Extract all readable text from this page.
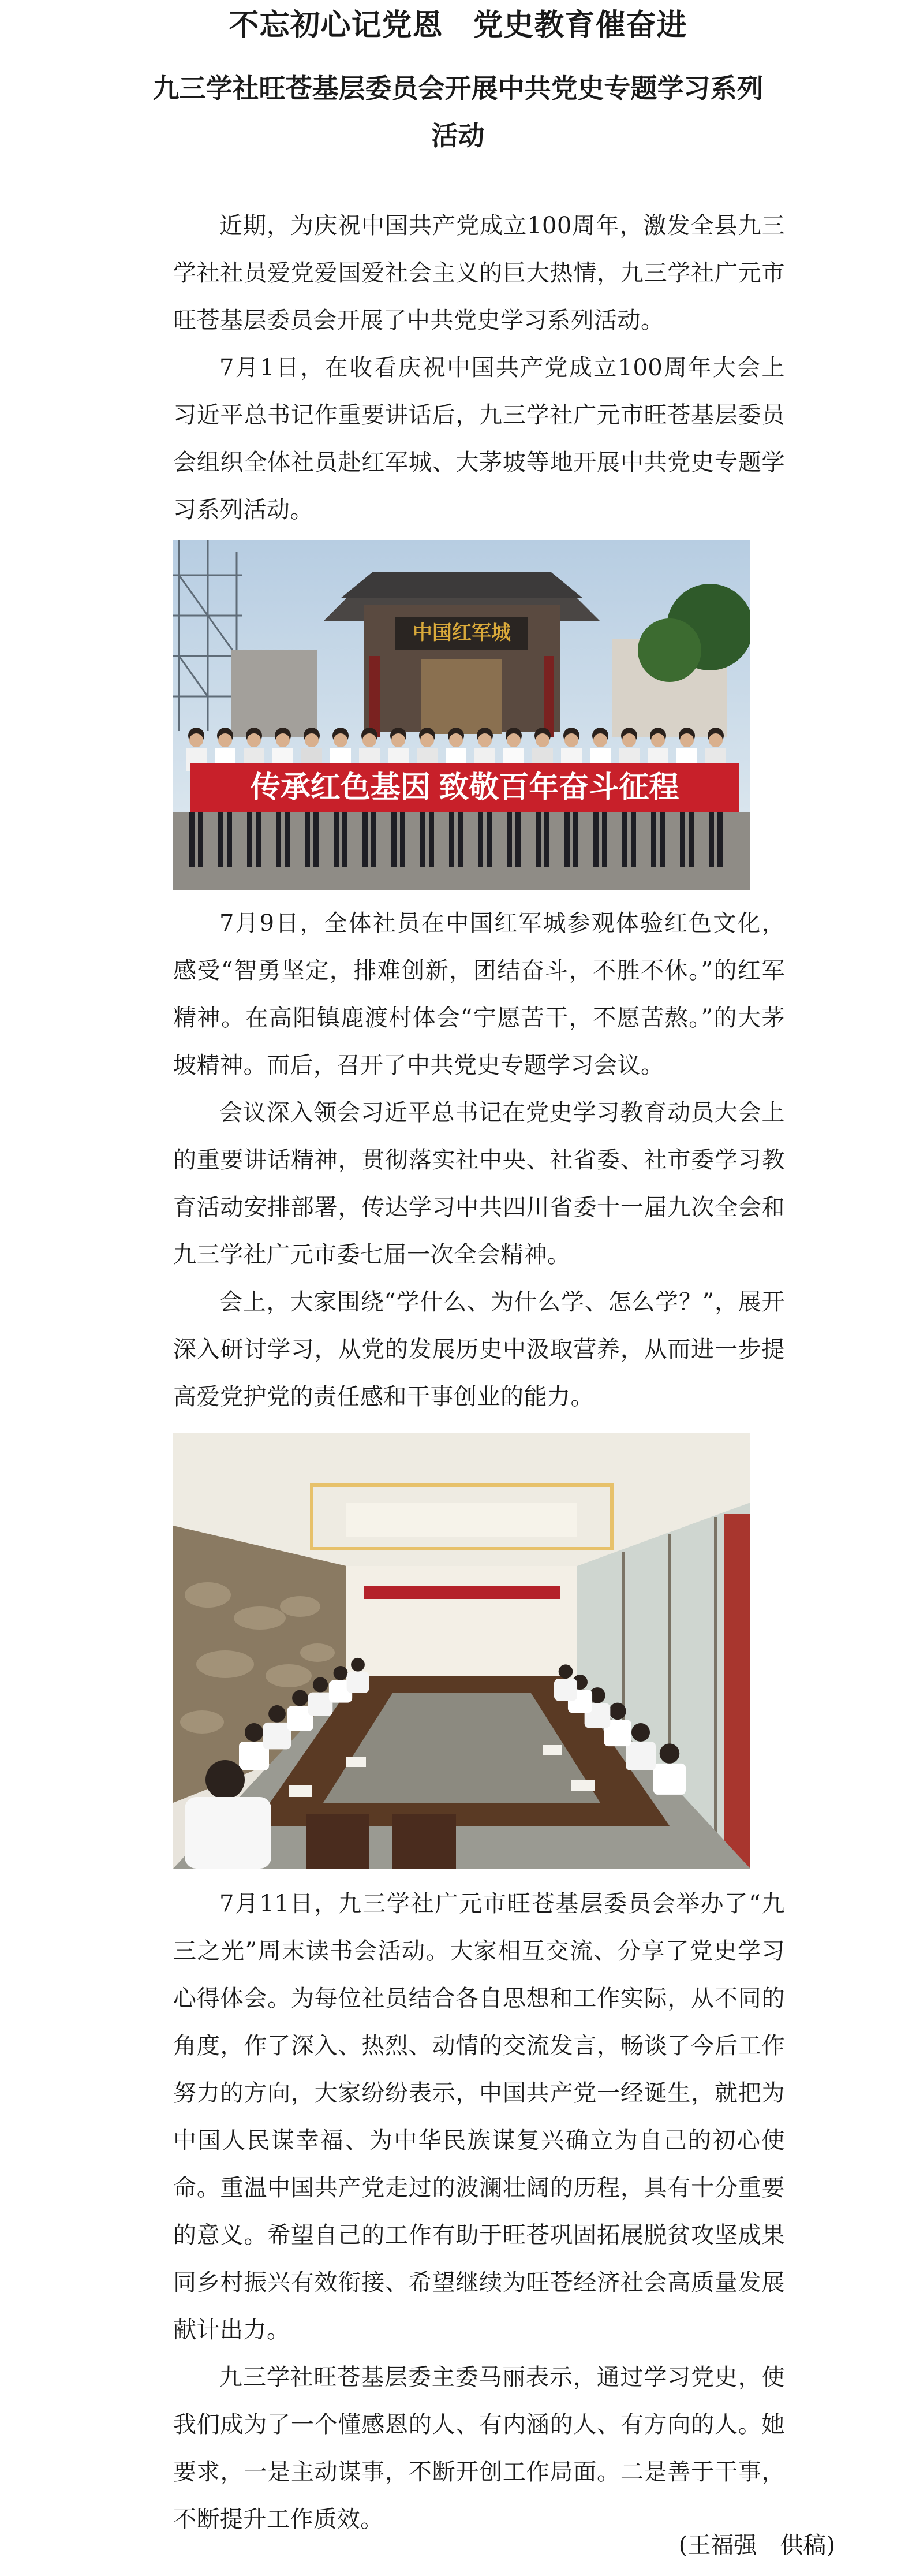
不忘初心记党恩 党史教育催奋进
九三学社旺苍基层委员会开展中共党史专题学习系列
活动

近期，为庆祝中国共产党成立100周年，激发全县九三学社社员爱党爱国爱社会主义的巨大热情，九三学社广元市旺苍基层委员会开展了中共党史学习系列活动。

7月1日，在收看庆祝中国共产党成立100周年大会上习近平总书记作重要讲话后，九三学社广元市旺苍基层委员会组织全体社员赴红军城、大茅坡等地开展中共党史专题学习系列活动。

中国红军城
传承红色基因 致敬百年奋斗征程

7月9日，全体社员在中国红军城参观体验红色文化，感受“智勇坚定，排难创新，团结奋斗，不胜不休。”的红军精神。在高阳镇鹿渡村体会“宁愿苦干，不愿苦熬。”的大茅坡精神。而后，召开了中共党史专题学习会议。

会议深入领会习近平总书记在党史学习教育动员大会上的重要讲话精神，贯彻落实社中央、社省委、社市委学习教育活动安排部署，传达学习中共四川省委十一届九次全会和九三学社广元市委七届一次全会精神。

会上，大家围绕“学什么、为什么学、怎么学？”，展开深入研讨学习，从党的发展历史中汲取营养，从而进一步提高爱党护党的责任感和干事创业的能力。

7月11日，九三学社广元市旺苍基层委员会举办了“九三之光”周末读书会活动。大家相互交流、分享了党史学习心得体会。为每位社员结合各自思想和工作实际，从不同的角度，作了深入、热烈、动情的交流发言，畅谈了今后工作努力的方向，大家纷纷表示，中国共产党一经诞生，就把为中国人民谋幸福、为中华民族谋复兴确立为自己的初心使命。重温中国共产党走过的波澜壮阔的历程，具有十分重要的意义。希望自己的工作有助于旺苍巩固拓展脱贫攻坚成果同乡村振兴有效衔接、希望继续为旺苍经济社会高质量发展献计出力。

九三学社旺苍基层委主委马丽表示，通过学习党史，使我们成为了一个懂感恩的人、有内涵的人、有方向的人。她要求，一是主动谋事，不断开创工作局面。二是善于干事，不断提升工作质效。

(王福强　供稿)
